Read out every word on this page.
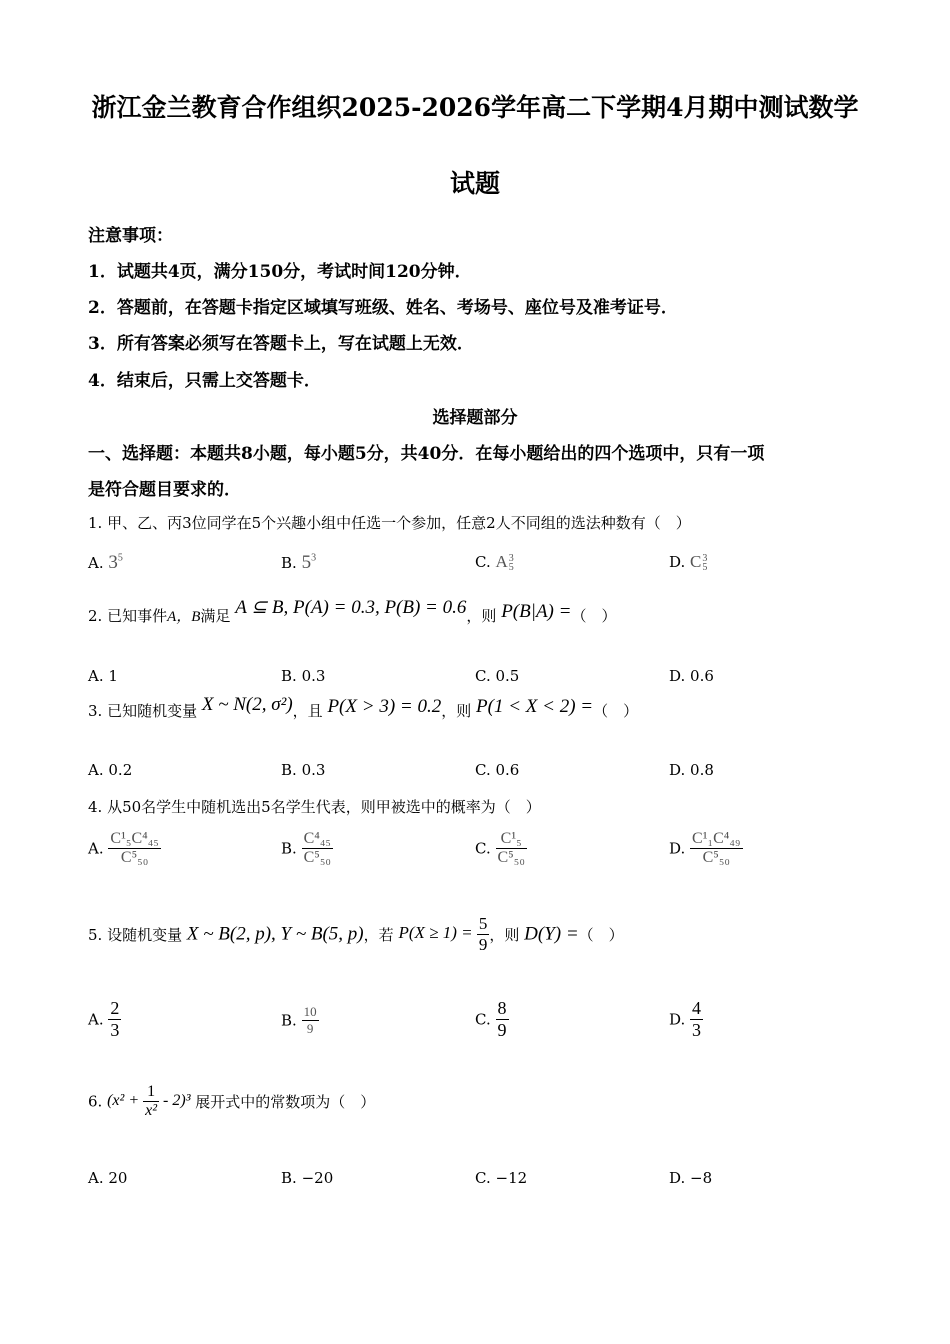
浙江金兰教育合作组织2025-2026学年高二下学期4月期中测试数学
试题
注意事项：
1．试题共4页，满分150分，考试时间120分钟．
2．答题前，在答题卡指定区域填写班级、姓名、考场号、座位号及准考证号．
3．所有答案必须写在答题卡上，写在试题上无效．
4．结束后，只需上交答题卡．
选择题部分
一、选择题：本题共8小题，每小题5分，共40分．在每小题给出的四个选项中，只有一项
是符合题目要求的．
1. 甲、乙、丙3位同学在5个兴趣小组中任选一个参加，任意2人不同组的选法种数有（　）
A. $3^5$	B. $5^3$	C. A 3
5	D. C 3
5
2. 已知事件A，B满足 A ⊆ B, P(A) = 0.3, P(B) = 0.6，则 P(B|A) =（　）
A. 1	B. 0.3	C. 0.5	D. 0.6
3. 已知随机变量 X ~ N(2, σ²)，且 P(X > 3) = 0.2，则 P(1 < X < 2) =（　）
A. 0.2	B. 0.3	C. 0.6	D. 0.8
4. 从50名学生中随机选出5名学生代表，则甲被选中的概率为（　）
A. $\frac{\text{C¹₅C⁴₄₅}}{\text{C⁵₅₀}}$	B. $\frac{\text{C⁴₄₅}}{\text{C⁵₅₀}}$	C. $\frac{\text{C¹₅}}{\text{C⁵₅₀}}$	D. $\frac{\text{C¹₁C⁴₄₉}}{\text{C⁵₅₀}}$
5. 设随机变量 X ~ B(2, p), Y ~ B(5, p)，若 $P(X \ge 1) = \frac{5}{9}$ ，则 D(Y) =（　）
A. $\frac{2}{3}$	B. $\frac{10}{9}$	C. $\frac{8}{9}$	D. $\frac{4}{3}$
6. $(x^2 + \frac{1}{\text{x²}} - 2)^3$ 展开式中的常数项为（　）
A. 20	B. −20	C. −12	D. −8
